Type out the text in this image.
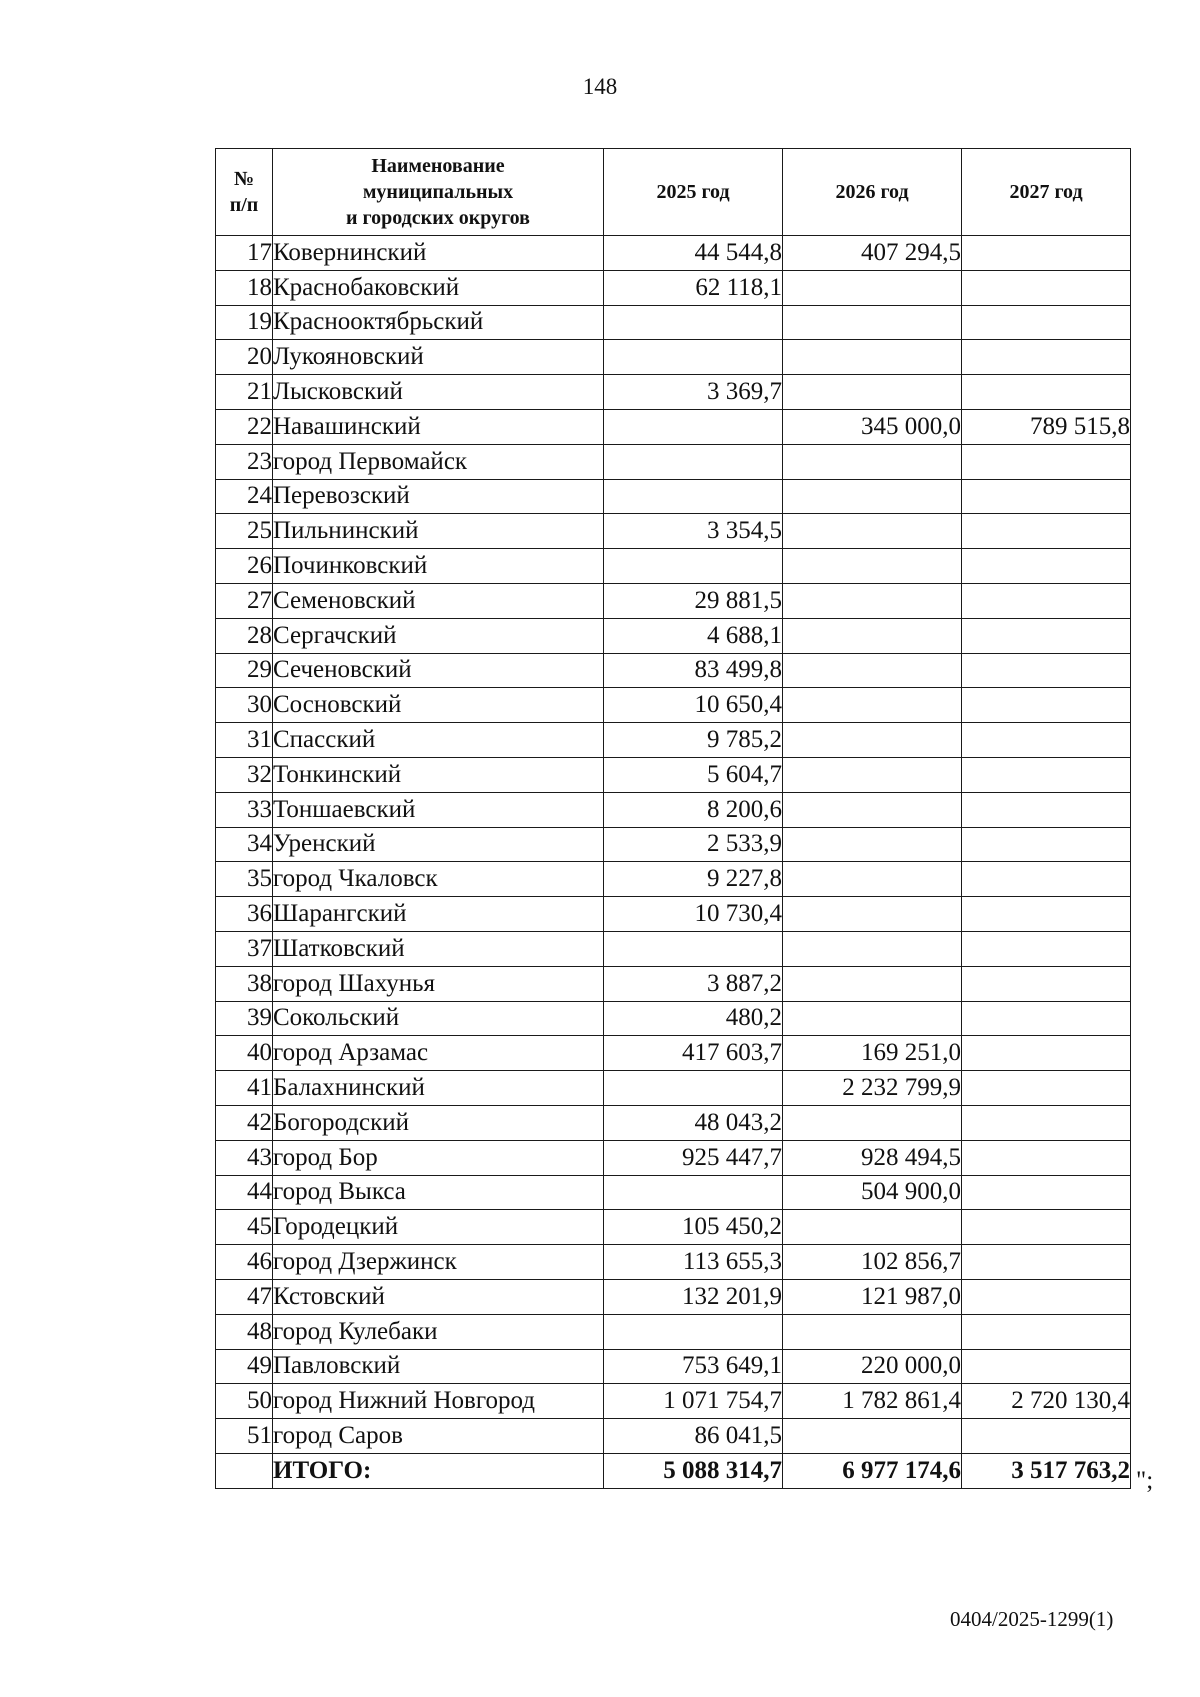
148
№
п/п	Наименование
муниципальных
и городских округов	2025 год	2026 год	2027 год
17	Ковернинский	44 544,8	407 294,5	
18	Краснобаковский	62 118,1		
19	Краснооктябрьский			
20	Лукояновский			
21	Лысковский	3 369,7		
22	Навашинский		345 000,0	789 515,8
23	город Первомайск			
24	Перевозский			
25	Пильнинский	3 354,5		
26	Починковский			
27	Семеновский	29 881,5		
28	Сергачский	4 688,1		
29	Сеченовский	83 499,8		
30	Сосновский	10 650,4		
31	Спасский	9 785,2		
32	Тонкинский	5 604,7		
33	Тоншаевский	8 200,6		
34	Уренский	2 533,9		
35	город Чкаловск	9 227,8		
36	Шарангский	10 730,4		
37	Шатковский			
38	город Шахунья	3 887,2		
39	Сокольский	480,2		
40	город Арзамас	417 603,7	169 251,0	
41	Балахнинский		2 232 799,9	
42	Богородский	48 043,2		
43	город Бор	925 447,7	928 494,5	
44	город Выкса		504 900,0	
45	Городецкий	105 450,2		
46	город Дзержинск	113 655,3	102 856,7	
47	Кстовский	132 201,9	121 987,0	
48	город Кулебаки			
49	Павловский	753 649,1	220 000,0	
50	город Нижний Новгород	1 071 754,7	1 782 861,4	2 720 130,4
51	город Саров	86 041,5		
	ИТОГО:	5 088 314,7	6 977 174,6	3 517 763,2 ";
0404/2025-1299(1)
